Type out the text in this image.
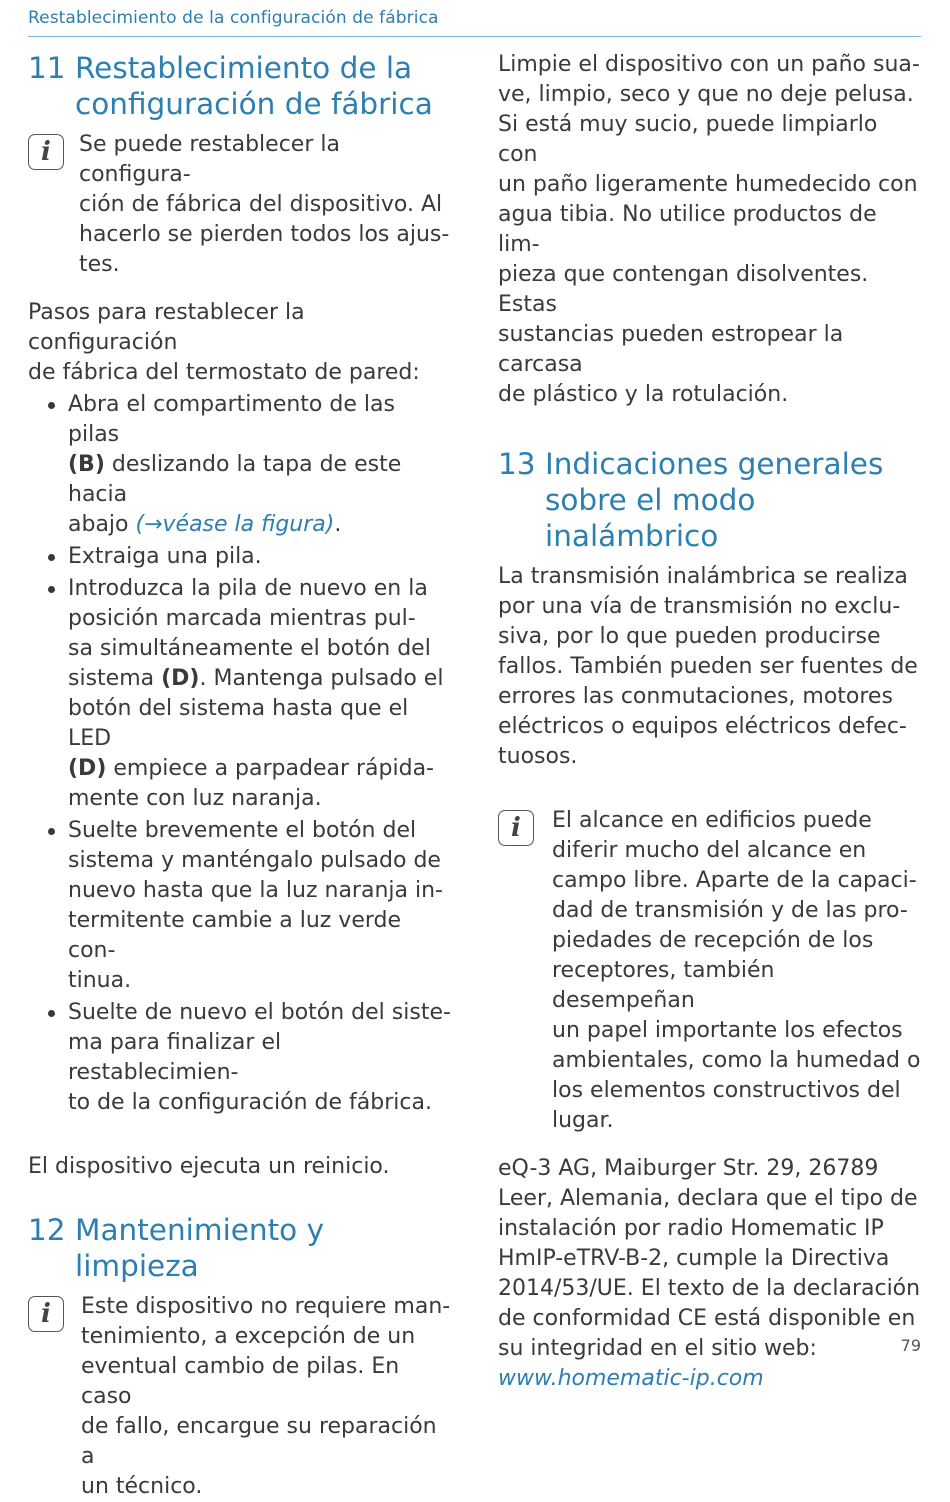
Restablecimiento de la configuración de fábrica
11 Restablecimiento de la
configuración de fábrica
i	Se puede restablecer la configura-
ción de fábrica del dispositivo. Al
hacerlo se pierden todos los ajus-
tes.

Pasos para restablecer la configuración
de fábrica del termostato de pared:

Abra el compartimento de las pilas
(B) deslizando la tapa de este hacia
abajo (→véase la figura).
Extraiga una pila.
Introduzca la pila de nuevo en la
posición marcada mientras pul-
sa simultáneamente el botón del
sistema (D). Mantenga pulsado el
botón del sistema hasta que el LED
(D) empiece a parpadear rápida-
mente con luz naranja.
Suelte brevemente el botón del
sistema y manténgalo pulsado de
nuevo hasta que la luz naranja in-
termitente cambie a luz verde con-
tinua.
Suelte de nuevo el botón del siste-
ma para finalizar el restablecimien-
to de la configuración de fábrica.

El dispositivo ejecuta un reinicio.

12 Mantenimiento y limpieza
i	Este dispositivo no requiere man-
tenimiento, a excepción de un
eventual cambio de pilas. En caso
de fallo, encargue su reparación a
un técnico.

Limpie el dispositivo con un paño sua-
ve, limpio, seco y que no deje pelusa.
Si está muy sucio, puede limpiarlo con
un paño ligeramente humedecido con
agua tibia. No utilice productos de lim-
pieza que contengan disolventes. Estas
sustancias pueden estropear la carcasa
de plástico y la rotulación.

13 Indicaciones generales
sobre el modo inalámbrico

La transmisión inalámbrica se realiza
por una vía de transmisión no exclu-
siva, por lo que pueden producirse
fallos. También pueden ser fuentes de
errores las conmutaciones, motores
eléctricos o equipos eléctricos defec-
tuosos.

i	El alcance en edificios puede
diferir mucho del alcance en
campo libre. Aparte de la capaci-
dad de transmisión y de las pro-
piedades de recepción de los
receptores, también desempeñan
un papel importante los efectos
ambientales, como la humedad o
los elementos constructivos del
lugar.

eQ-3 AG, Maiburger Str. 29, 26789
Leer, Alemania, declara que el tipo de
instalación por radio Homematic IP
HmIP-eTRV-B-2, cumple la Directiva
2014/53/UE. El texto de la declaración
de conformidad CE está disponible en
su integridad en el sitio web:
www.homematic-ip.com

79
